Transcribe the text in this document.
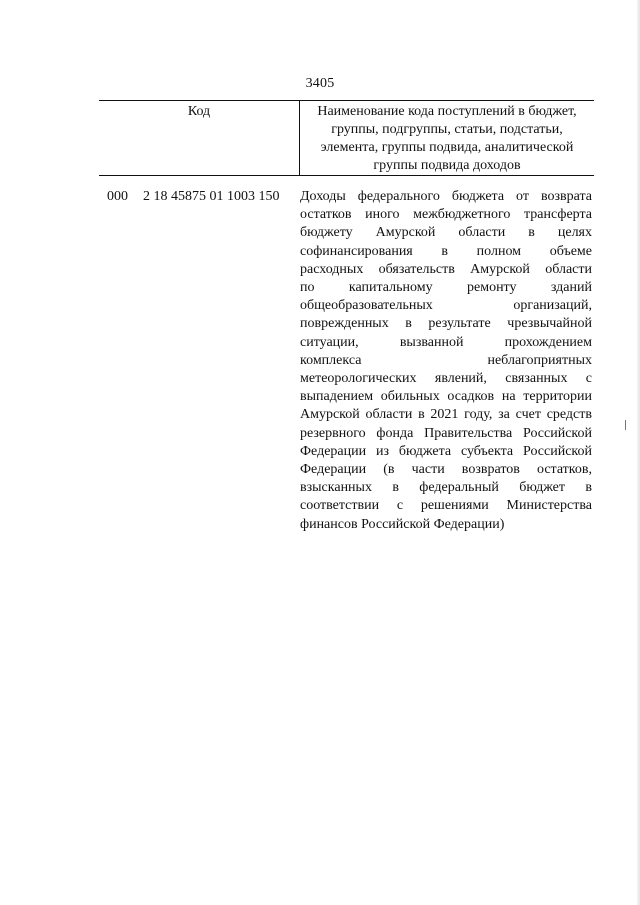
3405
Код	Наименование кода поступлений в бюджет,
группы, подгруппы, статьи, подстатьи,
элемента, группы подвида, аналитической
группы подвида доходов
000 2 18 45875 01 1003 150 Доходы федерального бюджета от возврата
остатков иного межбюджетного трансферта
бюджету Амурской области в целях
софинансирования в полном объеме
расходных обязательств Амурской области
по капитальному ремонту зданий
общеобразовательных организаций,
поврежденных в результате чрезвычайной
ситуации, вызванной прохождением
комплекса неблагоприятных
метеорологических явлений, связанных с
выпадением обильных осадков на территории
Амурской области в 2021 году, за счет средств
резервного фонда Правительства Российской
Федерации из бюджета субъекта Российской
Федерации (в части возвратов остатков,
взысканных в федеральный бюджет в
соответствии с решениями Министерства
финансов Российской Федерации)
